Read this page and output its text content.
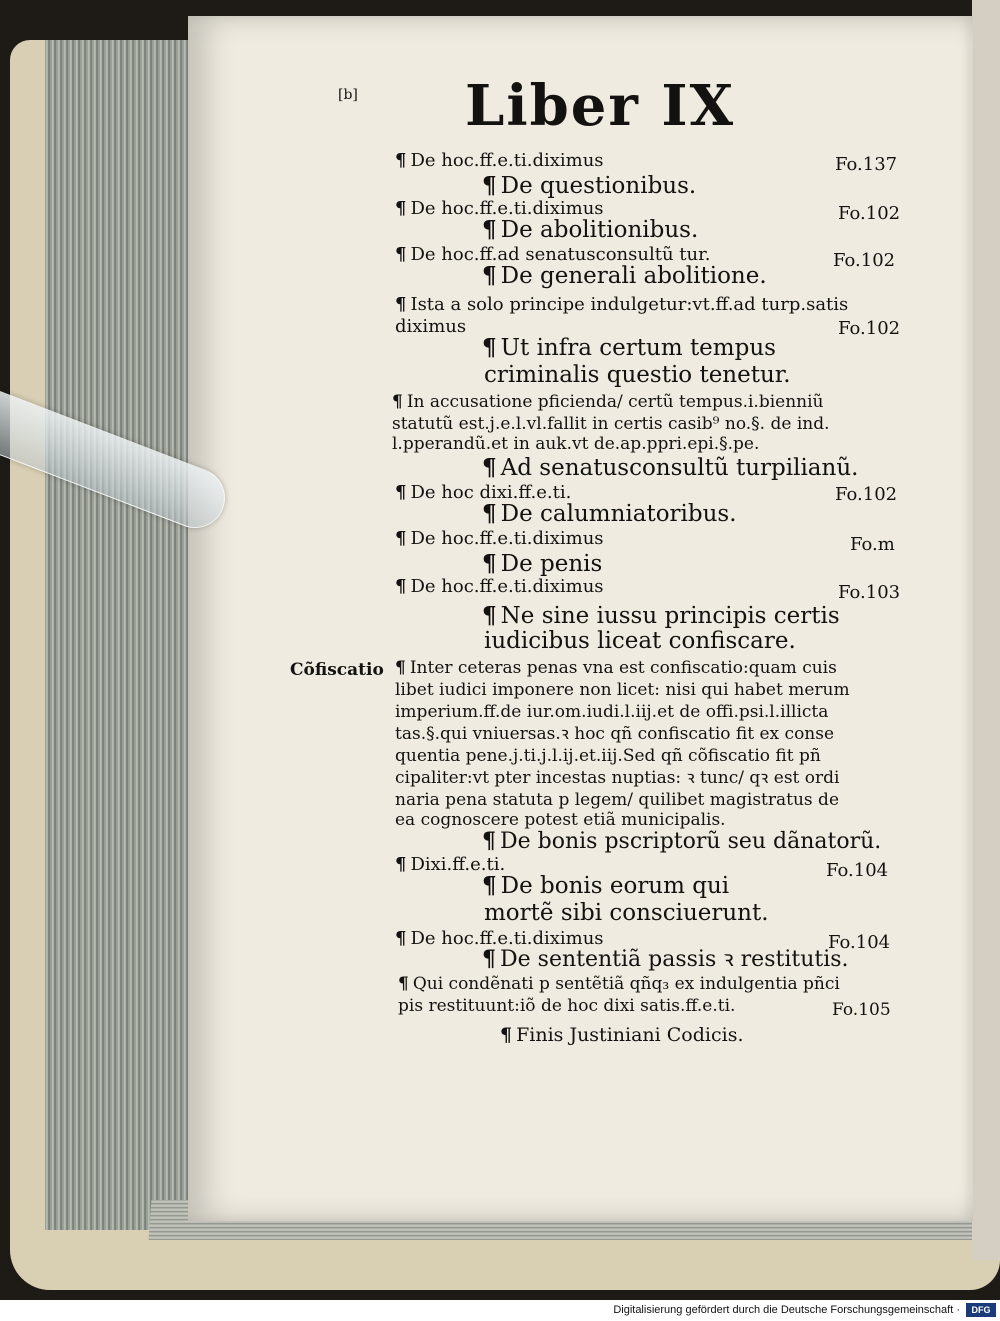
[b] Liber IX
¶ De hoc.ff.e.ti.diximus	Fo.137
¶ De questionibus.
¶ De hoc.ff.e.ti.diximus	Fo.102
¶ De abolitionibus.
¶ De hoc.ff.ad senatusconsultũ tur.	Fo.102
¶ De generali abolitione.
¶ Ista a solo principe indulgetur:vt.ff.ad turp.satis
diximus	Fo.102
¶ Ut infra certum tempus
criminalis questio tenetur.
¶ In accusatione pficienda/ certũ tempus.i.bienniũ
statutũ est.j.e.l.vl.fallit in certis casib⁹ no.§. de ind.
l.pperandũ.et in auk.vt de.ap.ppri.epi.§.pe.
¶ Ad senatusconsultũ turpilianũ.
¶ De hoc dixi.ff.e.ti.	Fo.102
¶ De calumniatoribus.
¶ De hoc.ff.e.ti.diximus	Fo.m
¶ De penis
¶ De hoc.ff.e.ti.diximus	Fo.103
¶ Ne sine iussu principis certis
iudicibus liceat confiscare.
Cõfiscatio ¶ Inter ceteras penas vna est confiscatio:quam cuis
libet iudici imponere non licet: nisi qui habet merum
imperium.ff.de iur.om.iudi.l.iij.et de offi.psi.l.illicta
tas.§.qui vniuersas.ꝛ hoc qñ confiscatio fit ex conse
quentia pene.j.ti.j.l.ij.et.iij.Sed qñ cõfiscatio fit pñ
cipaliter:vt pter incestas nuptias: ꝛ tunc/ qꝛ est ordi
naria pena statuta p legem/ quilibet magistratus de
ea cognoscere potest etiã municipalis.
¶ De bonis pscriptorũ seu dãnatorũ.
¶ Dixi.ff.e.ti.	Fo.104
¶ De bonis eorum qui
mortẽ sibi consciuerunt.
¶ De hoc.ff.e.ti.diximus	Fo.104
¶ De sententiã passis ꝛ restitutis.
¶ Qui condẽnati p sentẽtiã qñq₃ ex indulgentia pñci
pis restituunt:iõ de hoc dixi satis.ff.e.ti.	Fo.105
¶ Finis Justiniani Codicis.
Digitalisierung gefördert durch die Deutsche Forschungsgemeinschaft ·	DFG
